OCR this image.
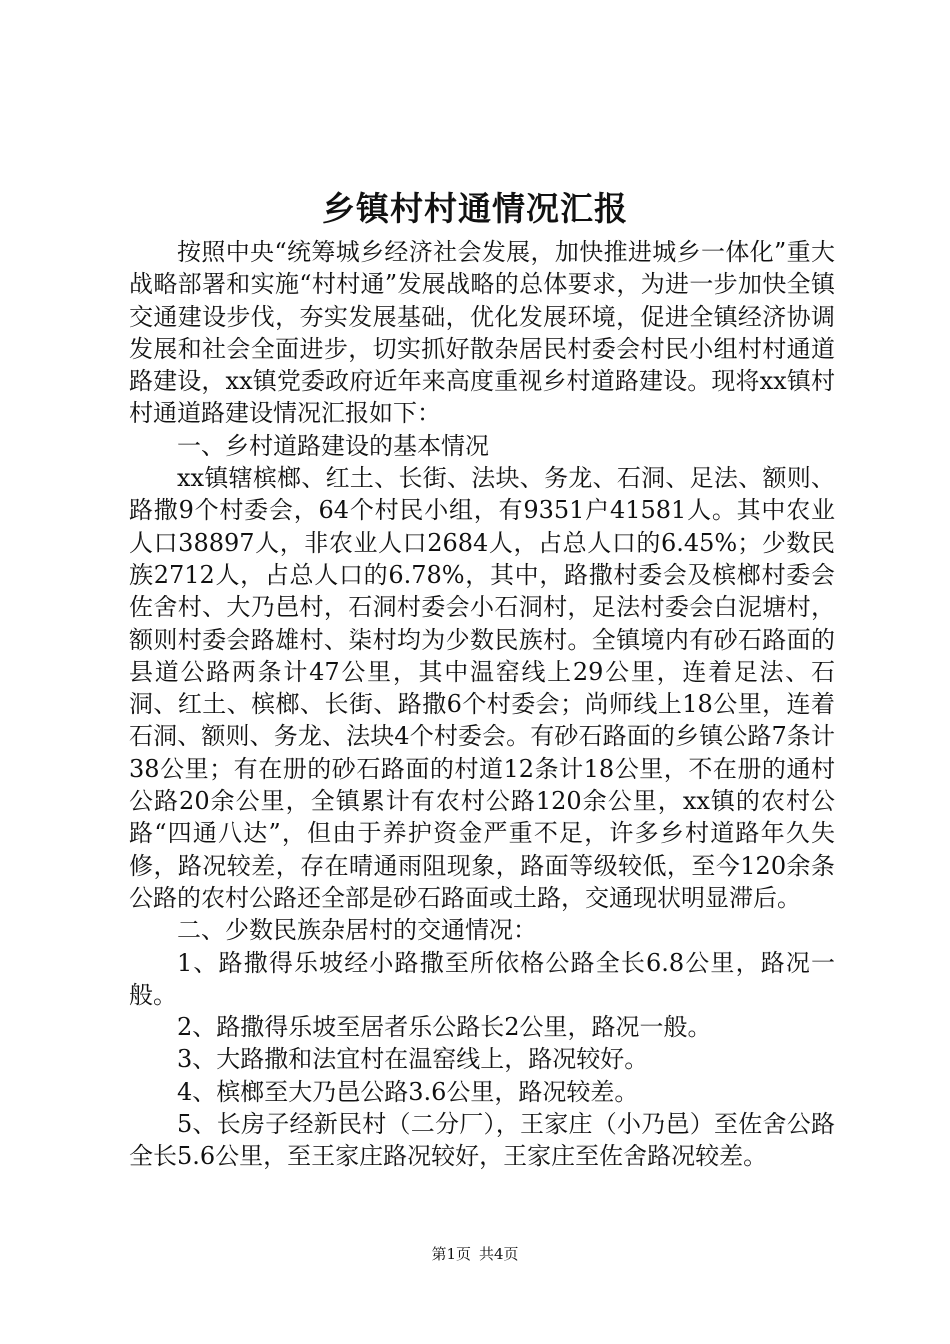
乡镇村村通情况汇报

按照中央“统筹城乡经济社会发展，加快推进城乡一体化”重大战略部署和实施“村村通”发展战略的总体要求，为进一步加快全镇交通建设步伐，夯实发展基础，优化发展环境，促进全镇经济协调发展和社会全面进步，切实抓好散杂居民村委会村民小组村村通道路建设，xx镇党委政府近年来高度重视乡村道路建设。现将xx镇村村通道路建设情况汇报如下：

一、乡村道路建设的基本情况

xx镇辖槟榔、红土、长街、法块、务龙、石洞、足法、额则、路撒9个村委会，64个村民小组，有9351户41581人。其中农业人口38897人，非农业人口2684人，占总人口的6.45%；少数民族2712人，占总人口的6.78%，其中，路撒村委会及槟榔村委会佐舍村、大乃邑村，石洞村委会小石洞村，足法村委会白泥塘村，额则村委会路雄村、柒村均为少数民族村。全镇境内有砂石路面的县道公路两条计47公里，其中温窑线上29公里，连着足法、石洞、红土、槟榔、长街、路撒6个村委会；尚师线上18公里，连着石洞、额则、务龙、法块4个村委会。有砂石路面的乡镇公路7条计38公里；有在册的砂石路面的村道12条计18公里，不在册的通村公路20余公里，全镇累计有农村公路120余公里，xx镇的农村公路“四通八达”，但由于养护资金严重不足，许多乡村道路年久失修，路况较差，存在晴通雨阻现象，路面等级较低，至今120余条公路的农村公路还全部是砂石路面或土路，交通现状明显滞后。

二、少数民族杂居村的交通情况：

1、路撒得乐坡经小路撒至所依格公路全长6.8公里，路况一般。

2、路撒得乐坡至居者乐公路长2公里，路况一般。

3、大路撒和法宜村在温窑线上，路况较好。

4、槟榔至大乃邑公路3.6公里，路况较差。

5、长房子经新民村（二分厂），王家庄（小乃邑）至佐舍公路全长5.6公里，至王家庄路况较好，王家庄至佐舍路况较差。

第1页 共4页
